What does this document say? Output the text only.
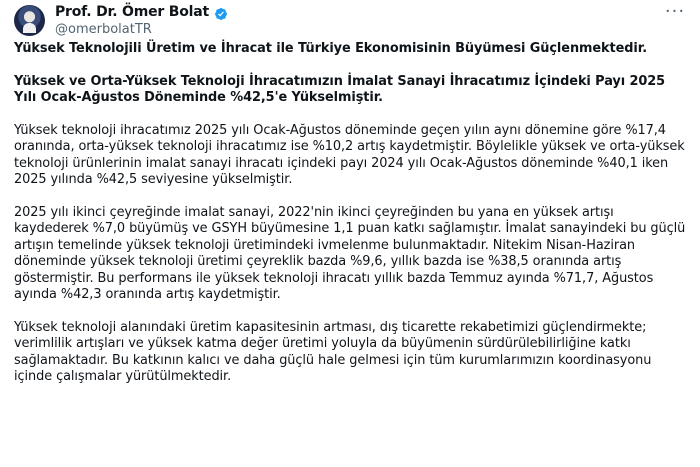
Prof. Dr. Ömer Bolat
@omerbolatTR
···

Yüksek Teknolojili Üretim ve İhracat ile Türkiye Ekonomisinin Büyümesi Güçlenmektedir.

Yüksek ve Orta-Yüksek Teknoloji İhracatımızın İmalat Sanayi İhracatımız İçindeki Payı 2025 Yılı Ocak-Ağustos Döneminde %42,5'e Yükselmiştir.

Yüksek teknoloji ihracatımız 2025 yılı Ocak-Ağustos döneminde geçen yılın aynı dönemine göre %17,4 oranında, orta-yüksek teknoloji ihracatımız ise %10,2 artış kaydetmiştir. Böylelikle yüksek ve orta-yüksek teknoloji ürünlerinin imalat sanayi ihracatı içindeki payı 2024 yılı Ocak-Ağustos döneminde %40,1 iken 2025 yılında %42,5 seviyesine yükselmiştir.

2025 yılı ikinci çeyreğinde imalat sanayi, 2022'nin ikinci çeyreğinden bu yana en yüksek artışı kaydederek %7,0 büyümüş ve GSYH büyümesine 1,1 puan katkı sağlamıştır. İmalat sanayindeki bu güçlü artışın temelinde yüksek teknoloji üretimindeki ivmelenme bulunmaktadır. Nitekim Nisan-Haziran döneminde yüksek teknoloji üretimi çeyreklik bazda %9,6, yıllık bazda ise %38,5 oranında artış göstermiştir. Bu performans ile yüksek teknoloji ihracatı yıllık bazda Temmuz ayında %71,7, Ağustos ayında %42,3 oranında artış kaydetmiştir.

Yüksek teknoloji alanındaki üretim kapasitesinin artması, dış ticarette rekabetimizi güçlendirmekte; verimlilik artışları ve yüksek katma değer üretimi yoluyla da büyümenin sürdürülebilirliğine katkı sağlamaktadır. Bu katkının kalıcı ve daha güçlü hale gelmesi için tüm kurumlarımızın koordinasyonu içinde çalışmalar yürütülmektedir.
